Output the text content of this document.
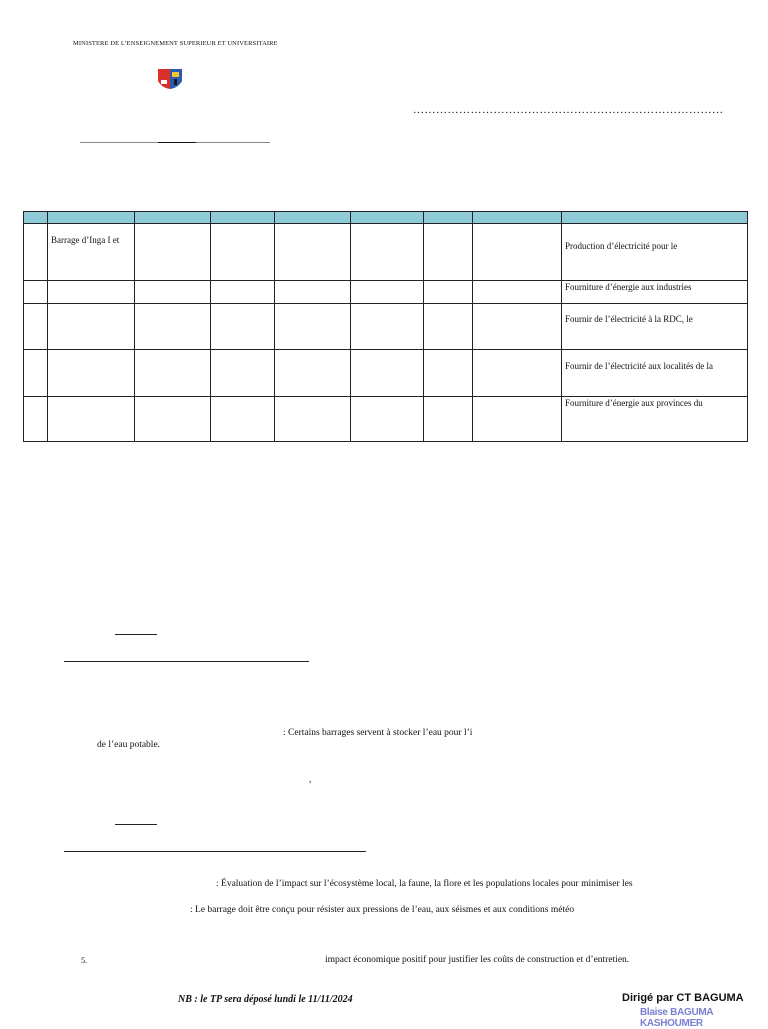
MINISTERE DE L’ENSEIGNEMENT SUPERIEUR ET UNIVERSITAIRE
………………………………………………………………………

	Barrage d’Inga I et							Production d’électricité pour le

								Fourniture d’énergie aux industries

								Fournir de l’électricité à la RDC, le

								Fournir de l’électricité aux localités de la

								Fourniture d’énergie aux provinces du
: Certains barrages servent à stocker l’eau pour l’i
de l’eau potable.
,
: Évaluation de l’impact sur l’écosystème local, la faune, la flore et les populations locales pour minimiser les
: Le barrage doit être conçu pour résister aux pressions de l’eau, aux séismes et aux conditions météo
5.	impact économique positif pour justifier les coûts de construction et d’entretien.
NB : le TP sera déposé lundi le 11/11/2024	Dirigé par CT BAGUMA
Blaise BAGUMA KASHOUMER
